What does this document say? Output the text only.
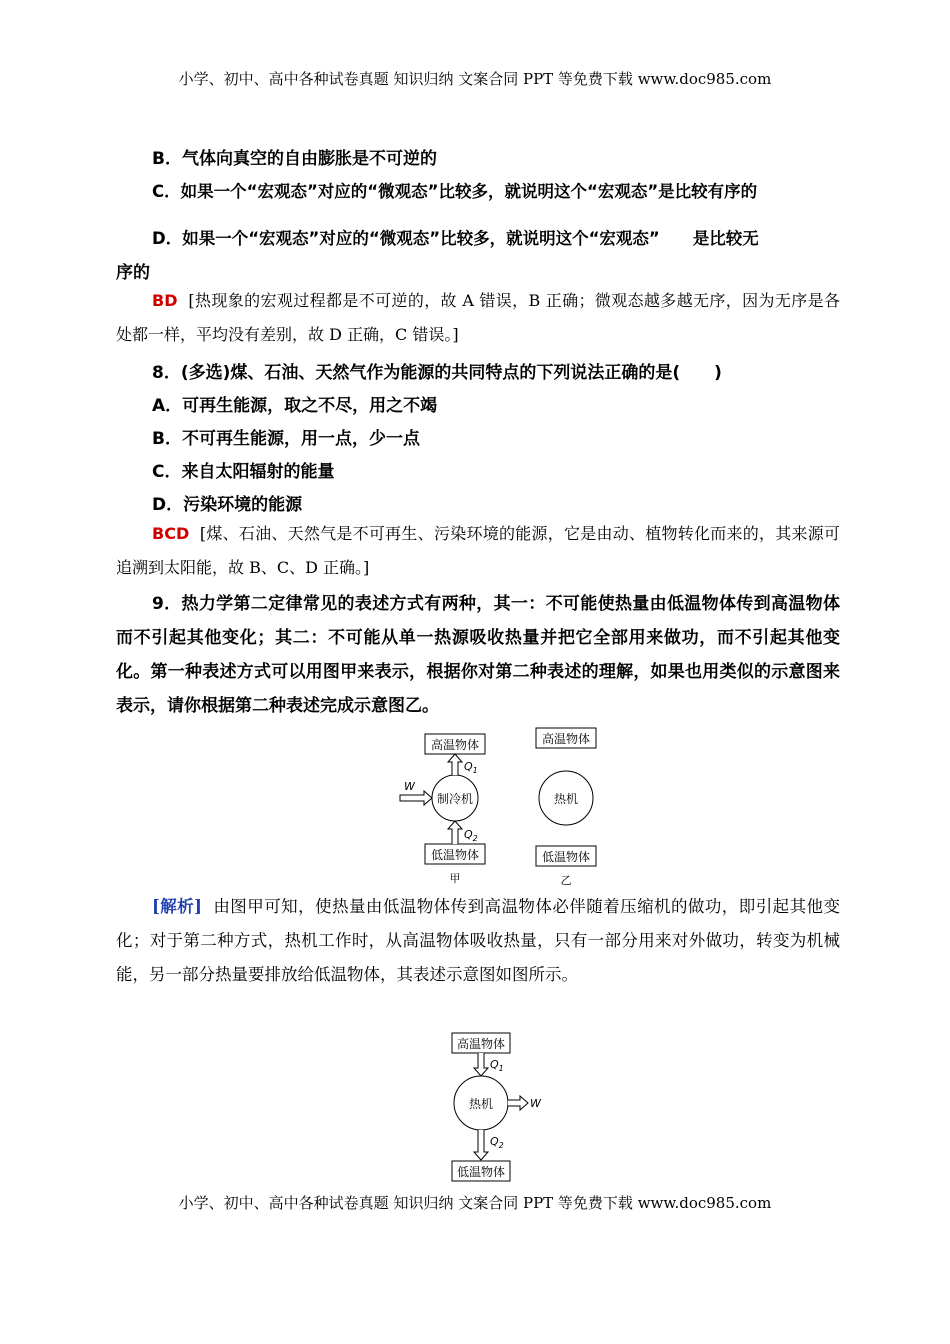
小学、初中、高中各种试卷真题 知识归纳 文案合同 PPT 等免费下载 www.doc985.com
B．气体向真空的自由膨胀是不可逆的
C．如果一个“宏观态”对应的“微观态”比较多，就说明这个“宏观态”是比较有序的
D．如果一个“宏观态”对应的“微观态”比较多，就说明这个“宏观态”　　是比较无
序的
BD [热现象的宏观过程都是不可逆的，故 A 错误，B 正确；微观态越多越无序，因为无序是各处都一样，平均没有差别，故 D 正确，C 错误。]
8．(多选)煤、石油、天然气作为能源的共同特点的下列说法正确的是(　　)
A．可再生能源，取之不尽，用之不竭
B．不可再生能源，用一点，少一点
C．来自太阳辐射的能量
D．污染环境的能源
BCD [煤、石油、天然气是不可再生、污染环境的能源，它是由动、植物转化而来的，其来源可追溯到太阳能，故 B、C、D 正确。]
9．热力学第二定律常见的表述方式有两种，其一：不可能使热量由低温物体传到高温物体而不引起其他变化；其二：不可能从单一热源吸收热量并把它全部用来做功，而不引起其他变化。第一种表述方式可以用图甲来表示，根据你对第二种表述的理解，如果也用类似的示意图来表示，请你根据第二种表述完成示意图乙。
高温物体
制冷机
低温物体
$Q_1$
$Q_2$
W
甲
高温物体
热机
低温物体
乙
[解析] 由图甲可知，使热量由低温物体传到高温物体必伴随着压缩机的做功，即引起其他变化；对于第二种方式，热机工作时，从高温物体吸收热量，只有一部分用来对外做功，转变为机械能，另一部分热量要排放给低温物体，其表述示意图如图所示。
高温物体
$Q_1$
热机	W
$Q_2$
低温物体
小学、初中、高中各种试卷真题 知识归纳 文案合同 PPT 等免费下载 www.doc985.com
